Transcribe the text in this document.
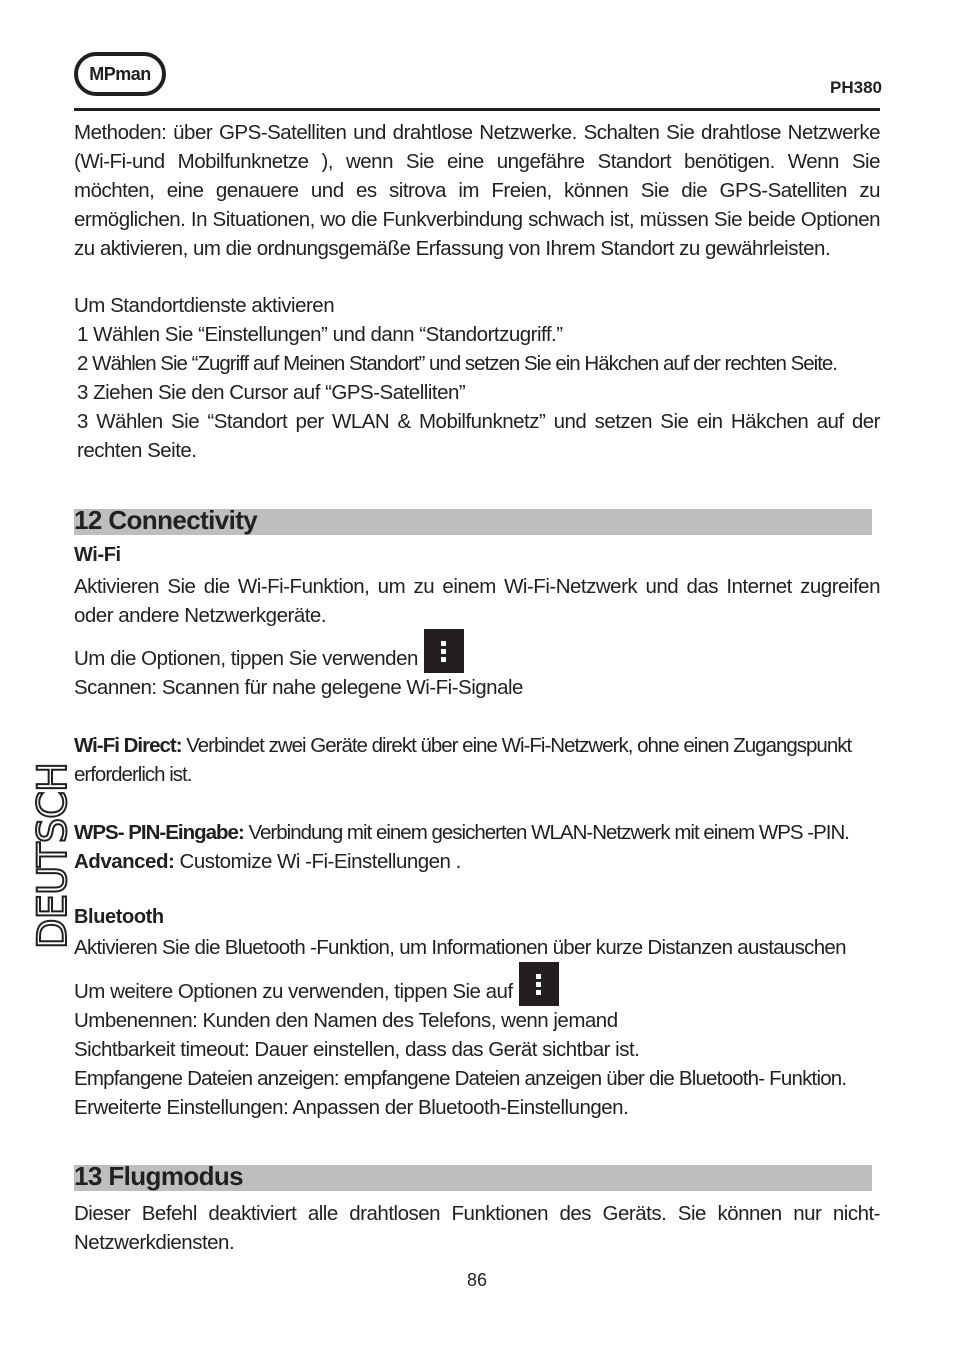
MPman
PH380

Methoden: über GPS-Satelliten und drahtlose Netzwerke. Schalten Sie drahtlose Netzwerke (Wi-Fi-und Mobilfunknetze ), wenn Sie eine ungefähre Standort benötigen. Wenn Sie möchten, eine genauere und es sitrova im Freien, können Sie die GPS-Satelliten zu ermöglichen. In Situationen, wo die Funkverbindung schwach ist, müssen Sie beide Optionen zu aktivieren, um die ordnungsgemäße Erfassung von Ihrem Standort zu gewährleisten.

Um Standortdienste aktivieren

1 Wählen Sie “Einstellungen” und dann “Standortzugriff.”

2 Wählen Sie “Zugriff auf Meinen Standort” und setzen Sie ein Häkchen auf der rechten Seite.

3 Ziehen Sie den Cursor auf “GPS-Satelliten”

3 Wählen Sie “Standort per WLAN & Mobilfunknetz” und setzen Sie ein Häkchen auf der rechten Seite.

12 Connectivity
Wi-Fi

Aktivieren Sie die Wi-Fi-Funktion, um zu einem Wi-Fi-Netzwerk und das Internet zugreifen oder andere Netzwerkgeräte.

Um die Optionen, tippen Sie verwenden

Scannen: Scannen für nahe gelegene Wi-Fi-Signale

Wi-Fi Direct: Verbindet zwei Geräte direkt über eine Wi-Fi-Netzwerk, ohne einen Zugangspunkt erforderlich ist.

WPS- PIN-Eingabe: Verbindung mit einem gesicherten WLAN-Netzwerk mit einem WPS -PIN.

Advanced: Customize Wi -Fi-Einstellungen .

Bluetooth

Aktivieren Sie die Bluetooth -Funktion, um Informationen über kurze Distanzen austauschen

Um weitere Optionen zu verwenden, tippen Sie auf

Umbenennen: Kunden den Namen des Telefons, wenn jemand

Sichtbarkeit timeout: Dauer einstellen, dass das Gerät sichtbar ist.

Empfangene Dateien anzeigen: empfangene Dateien anzeigen über die Bluetooth- Funktion.

Erweiterte Einstellungen: Anpassen der Bluetooth-Einstellungen.

13 Flugmodus

Dieser Befehl deaktiviert alle drahtlosen Funktionen des Geräts. Sie können nur nicht-Netzwerkdiensten.

DEUTSCH
86
